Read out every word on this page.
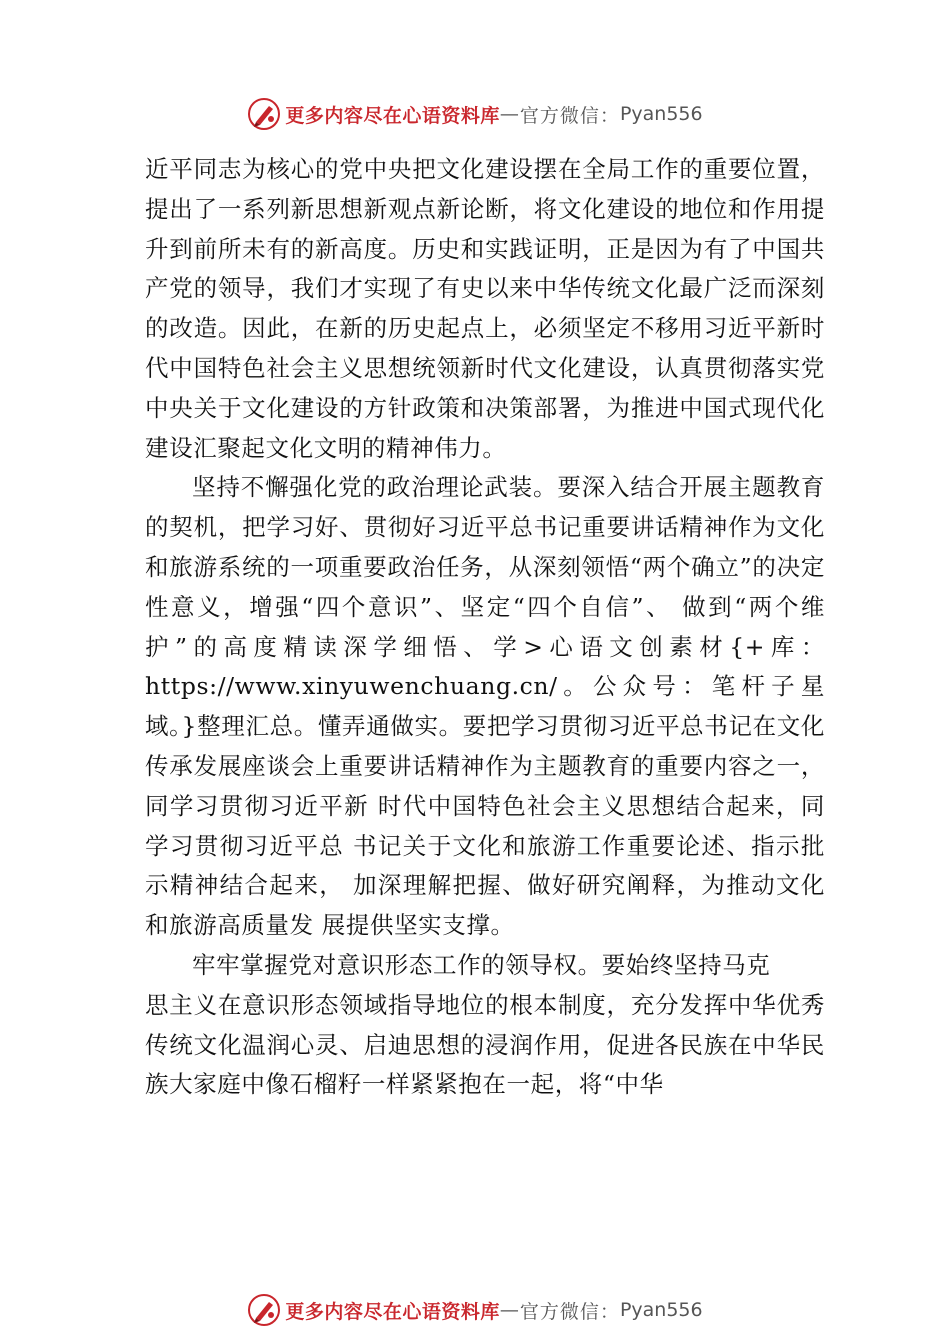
更多内容尽在心语资料库 — 官方微信： Pyan556

近平同志为核心的党中央把文化建设摆在全局工作的重要位置，提出了一系列新思想新观点新论断，将文化建设的地位和作用提升到前所未有的新高度。历史和实践证明，正是因为有了中国共产党的领导，我们才实现了有史以来中华传统文化最广泛而深刻的改造。因此，在新的历史起点上，必须坚定不移用习近平新时代中国特色社会主义思想统领新时代文化建设，认真贯彻落实党中央关于文化建设的方针政策和决策部署，为推进中国式现代化建设汇聚起文化文明的精神伟力。

坚持不懈强化党的政治理论武装。要深入结合开展主题教育的契机，把学习好、贯彻好习近平总书记重要讲话精神作为文化和旅游系统的一项重要政治任务，从深刻领悟“两个确立”的决定性意义，增强“四个意识”、坚定“四个自信”、 做到“两个维护”的高度精读深学细悟、学>心语文创素材{+库：https://www.xinyuwenchuang.cn/。公众号：笔杆子星域。}整理汇总。懂弄通做实。要把学习贯彻习近平总书记在文化传承发展座谈会上重要讲话精神作为主题教育的重要内容之一，同学习贯彻习近平新 时代中国特色社会主义思想结合起来，同学习贯彻习近平总 书记关于文化和旅游工作重要论述、指示批示精神结合起来， 加深理解把握、做好研究阐释，为推动文化和旅游高质量发 展提供坚实支撑。

牢牢掌握党对意识形态工作的领导权。要始终坚持马克

思主义在意识形态领域指导地位的根本制度，充分发挥中华优秀传统文化温润心灵、启迪思想的浸润作用，促进各民族在中华民族大家庭中像石榴籽一样紧紧抱在一起，将“中华

更多内容尽在心语资料库 — 官方微信： Pyan556
